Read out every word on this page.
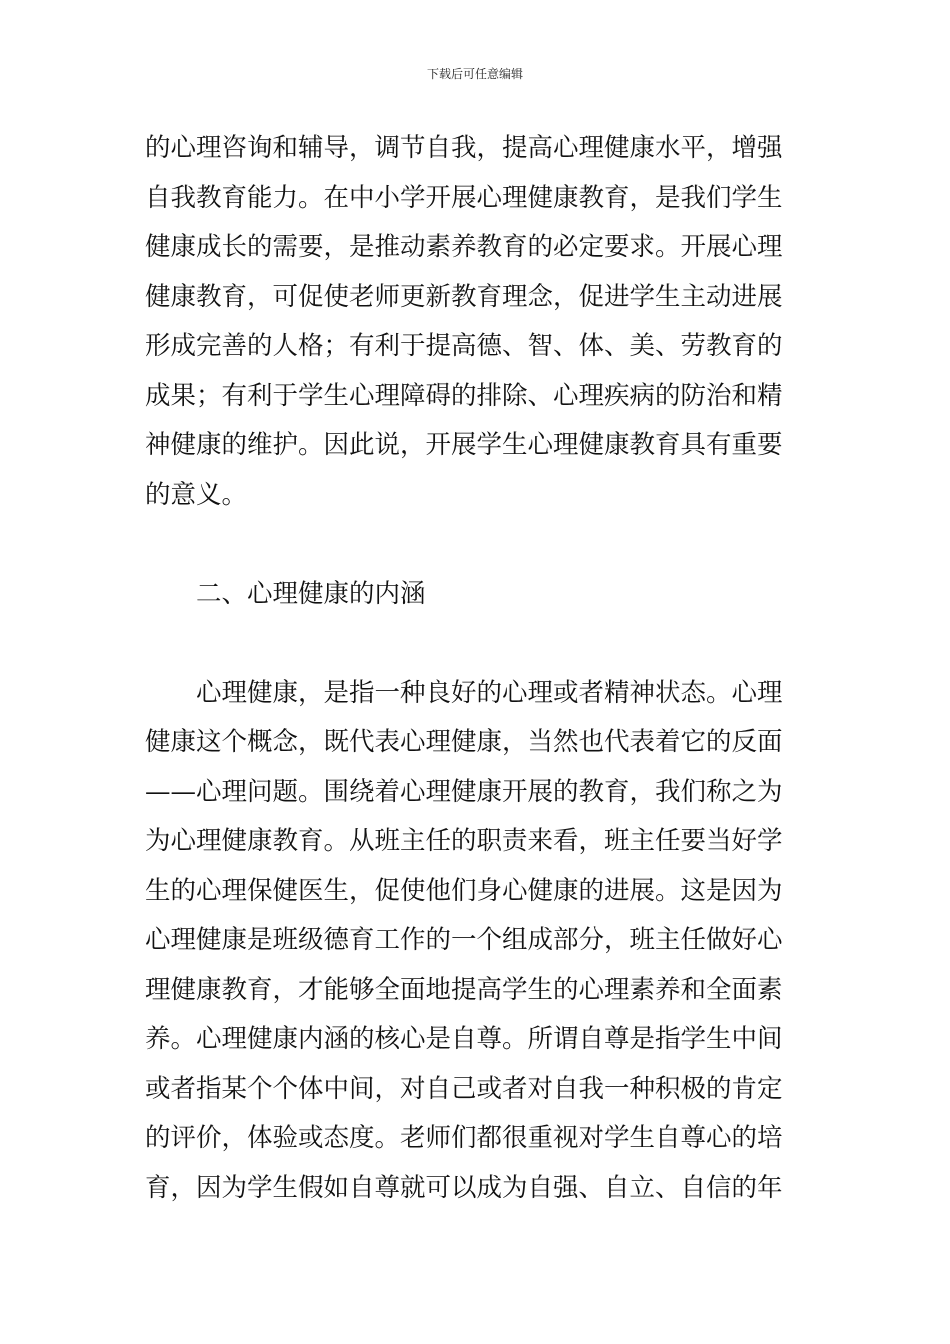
下载后可任意编辑
的心理咨询和辅导，调节自我，提高心理健康水平，增强
自我教育能力。在中小学开展心理健康教育，是我们学生
健康成长的需要，是推动素养教育的必定要求。开展心理
健康教育，可促使老师更新教育理念，促进学生主动进展
形成完善的人格；有利于提高德、智、体、美、劳教育的
成果；有利于学生心理障碍的排除、心理疾病的防治和精
神健康的维护。因此说，开展学生心理健康教育具有重要
的意义。
二、心理健康的内涵
心理健康，是指一种良好的心理或者精神状态。心理
健康这个概念，既代表心理健康，当然也代表着它的反面
——心理问题。围绕着心理健康开展的教育，我们称之为
为心理健康教育。从班主任的职责来看，班主任要当好学
生的心理保健医生，促使他们身心健康的进展。这是因为
心理健康是班级德育工作的一个组成部分，班主任做好心
理健康教育，才能够全面地提高学生的心理素养和全面素
养。心理健康内涵的核心是自尊。所谓自尊是指学生中间
或者指某个个体中间，对自己或者对自我一种积极的肯定
的评价，体验或态度。老师们都很重视对学生自尊心的培
育，因为学生假如自尊就可以成为自强、自立、自信的年
